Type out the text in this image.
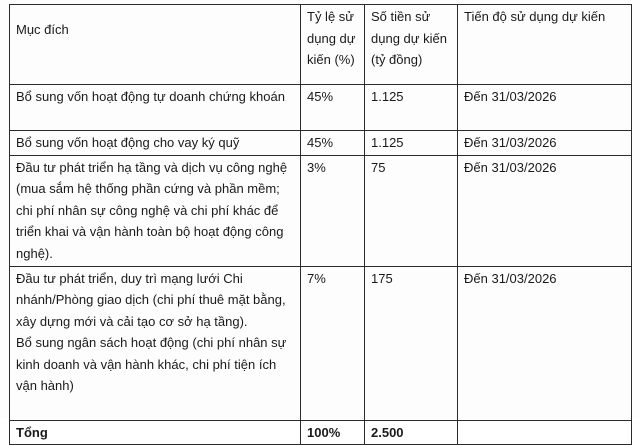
Mục đích	Tỷ lệ sử dụng dự kiến (%)	Số tiền sử dụng dự kiến (tỷ đồng)	Tiến độ sử dụng dự kiến
Bổ sung vốn hoạt động tự doanh chứng khoán	45%	1.125	Đến 31/03/2026
Bổ sung vốn hoạt động cho vay ký quỹ	45%	1.125	Đến 31/03/2026
Đầu tư phát triển hạ tầng và dịch vụ công nghệ (mua sắm hệ thống phần cứng và phần mềm; chi phí nhân sự công nghệ và chi phí khác để triển khai và vận hành toàn bộ hoạt động công nghệ).	3%	75	Đến 31/03/2026

Đầu tư phát triển, duy trì mạng lưới Chi nhánh/Phòng giao dịch (chi phí thuê mặt bằng, xây dựng mới và cải tạo cơ sở hạ tầng).
Bổ sung ngân sách hoạt động (chi phí nhân sự kinh doanh và vận hành khác, chi phí tiện ích vận hành)	7%	175	Đến 31/03/2026
Tổng	100%	2.500	
